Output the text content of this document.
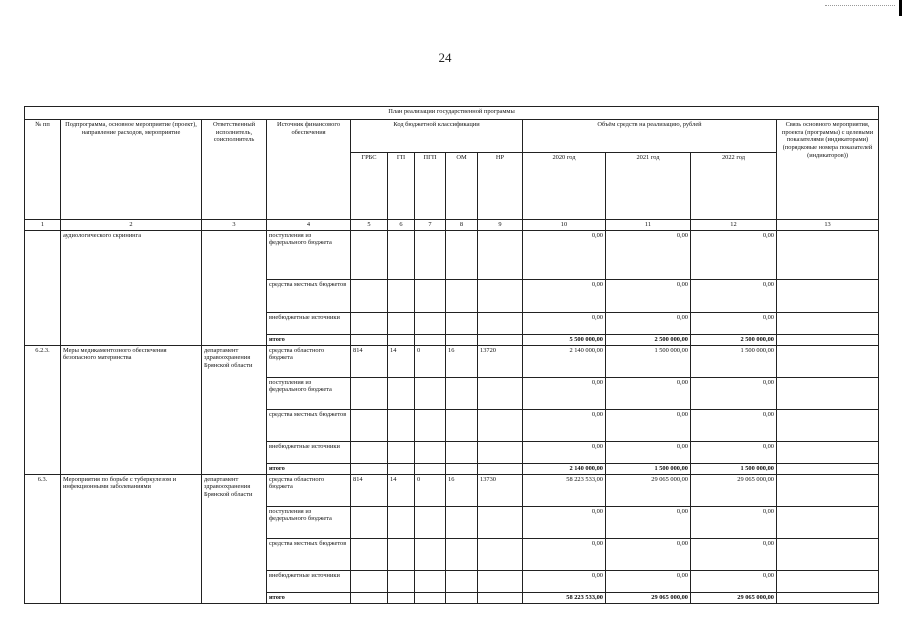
24
План реализации государственной программы												
№ пп	Подпрограмма, основное мероприятие (проект), направление расходов, мероприятие	Ответственный исполнитель, соисполнитель	Источник финансового обеспечения	Код бюджетной классификации					Объём средств на реализацию, рублей			Связь основного мероприятия, проекта (программы) с целевыми показателями (индикаторами) (порядковые номера показателей (индикаторов))
				ГРБС	ГП	ПГП	ОМ	НР	2020 год	2021 год	2022 год	
1	2	3	4	5	6	7	8	9	10	11	12	13
	аудиологического скрининга		поступления из федерального бюджета						0,00	0,00	0,00	
			средства местных бюджетов						0,00	0,00	0,00	
			внебюджетные источники						0,00	0,00	0,00	
			итого						5 500 000,00	2 500 000,00	2 500 000,00	
6.2.3.	Меры медикаментозного обеспечения безопасного материнства	департамент здравоохранения Брянской области	средства областного бюджета	814	14	0	16	13720	2 140 000,00	1 500 000,00	1 500 000,00	
			поступления из федерального бюджета						0,00	0,00	0,00	
			средства местных бюджетов						0,00	0,00	0,00	
			внебюджетные источники						0,00	0,00	0,00	
			итого						2 140 000,00	1 500 000,00	1 500 000,00	
6.3.	Мероприятия по борьбе с туберкулезом и инфекционными заболеваниями	департамент здравоохранения Брянской области	средства областного бюджета	814	14	0	16	13730	58 223 533,00	29 065 000,00	29 065 000,00	
			поступления из федерального бюджета						0,00	0,00	0,00	
			средства местных бюджетов						0,00	0,00	0,00	
			внебюджетные источники						0,00	0,00	0,00	
			итого						58 223 533,00	29 065 000,00	29 065 000,00	
